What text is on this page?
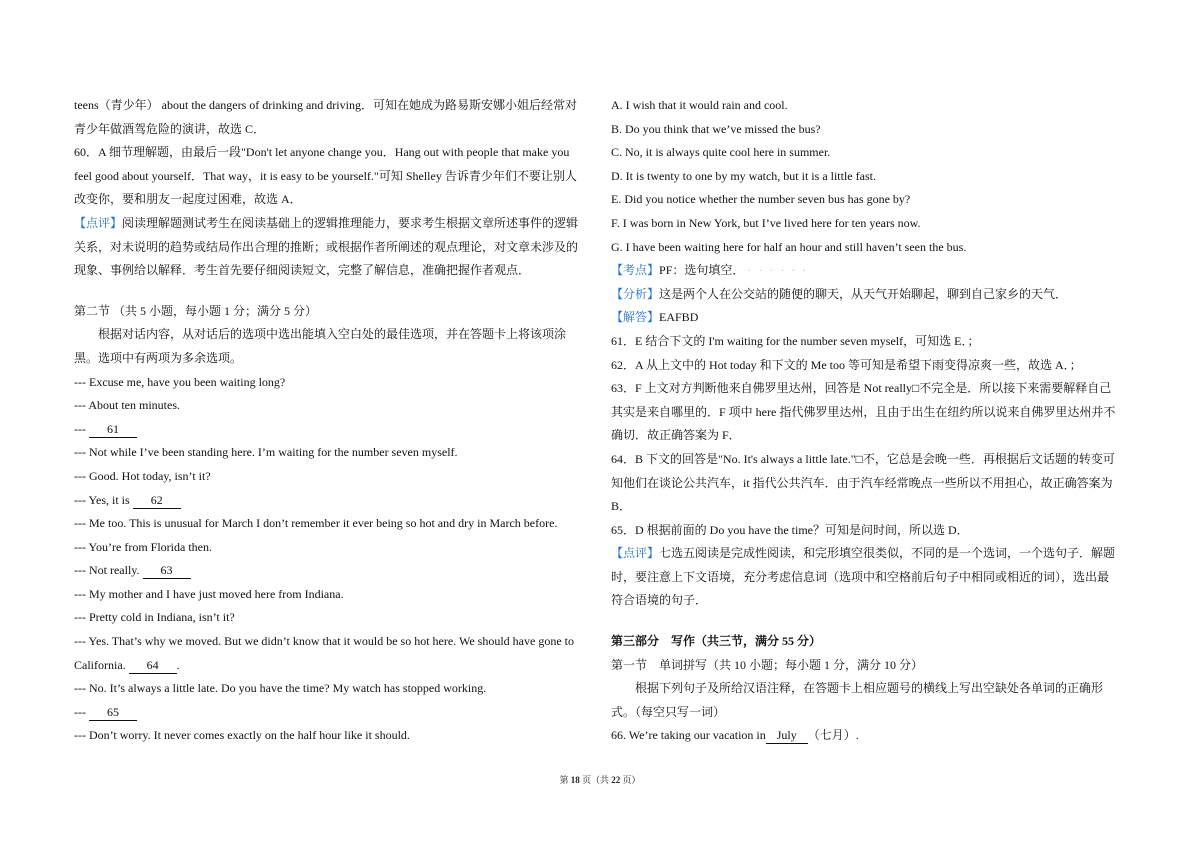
teens（青少年） about the dangers of drinking and driving．可知在她成为路易斯安娜小姐后经常对
青少年做酒驾危险的演讲，故选 C．
60．A 细节理解题，由最后一段"Don't let anyone change you．Hang out with people that make you
feel good about yourself．That way，it is easy to be yourself."可知 Shelley 告诉青少年们不要让别人
改变你，要和朋友一起度过困难，故选 A．
【点评】阅读理解题测试考生在阅读基础上的逻辑推理能力，要求考生根据文章所述事件的逻辑
关系，对未说明的趋势或结局作出合理的推断；或根据作者所阐述的观点理论，对文章未涉及的
现象、事例给以解释．考生首先要仔细阅读短文，完整了解信息，准确把握作者观点．
第二节 （共 5 小题，每小题 1 分；满分 5 分）
根据对话内容，从对话后的选项中选出能填入空白处的最佳选项，并在答题卡上将该项涂
黑。选项中有两项为多余选项。
--- Excuse me, have you been waiting long?
--- About ten minutes.
--- 61
--- Not while I’ve been standing here. I’m waiting for the number seven myself.
--- Good. Hot today, isn’t it?
--- Yes, it is 62
--- Me too. This is unusual for March I don’t remember it ever being so hot and dry in March before.
--- You’re from Florida then.
--- Not really. 63
--- My mother and I have just moved here from Indiana.
--- Pretty cold in Indiana, isn’t it?
--- Yes. That’s why we moved. But we didn’t know that it would be so hot here. We should have gone to
California. 64 .
--- No. It’s always a little late. Do you have the time? My watch has stopped working.
--- 65
--- Don’t worry. It never comes exactly on the half hour like it should.
A. I wish that it would rain and cool.
B. Do you think that we’ve missed the bus?
C. No, it is always quite cool here in summer.
D. It is twenty to one by my watch, but it is a little fast.
E. Did you notice whether the number seven bus has gone by?
F. I was born in New York, but I’ve lived here for ten years now.
G. I have been waiting here for half an hour and still haven’t seen the bus.
【考点】PF：选句填空． · · · · · ·
【分析】这是两个人在公交站的随便的聊天，从天气开始聊起，聊到自己家乡的天气．
【解答】EAFBD
61．E 结合下文的 I'm waiting for the number seven myself，可知选 E．；
62．A 从上文中的 Hot today 和下文的 Me too 等可知是希望下雨变得凉爽一些，故选 A．；
63．F 上文对方判断他来自佛罗里达州，回答是 Not really□不完全是．所以接下来需要解释自己
其实是来自哪里的．F 项中 here 指代佛罗里达州，且由于出生在纽约所以说来自佛罗里达州并不
确切．故正确答案为 F．
64．B 下文的回答是"No. It's always a little late."□不，它总是会晚一些．再根据后文话题的转变可
知他们在谈论公共汽车，it 指代公共汽车．由于汽车经常晚点一些所以不用担心，故正确答案为
B．
65．D 根据前面的 Do you have the time？可知是问时间，所以选 D．
【点评】七选五阅读是完成性阅读，和完形填空很类似，不同的是一个选词，一个选句子．解题
时，要注意上下文语境，充分考虑信息词（选项中和空格前后句子中相同或相近的词），选出最
符合语境的句子．
第三部分　写作（共三节，满分 55 分）
第一节　单词拼写（共 10 小题；每小题 1 分，满分 10 分）
根据下列句子及所给汉语注释，在答题卡上相应题号的横线上写出空缺处各单词的正确形
式。（每空只写一词）
66. We’re taking our vacation in July （七月）.
第 18 页（共 22 页）
